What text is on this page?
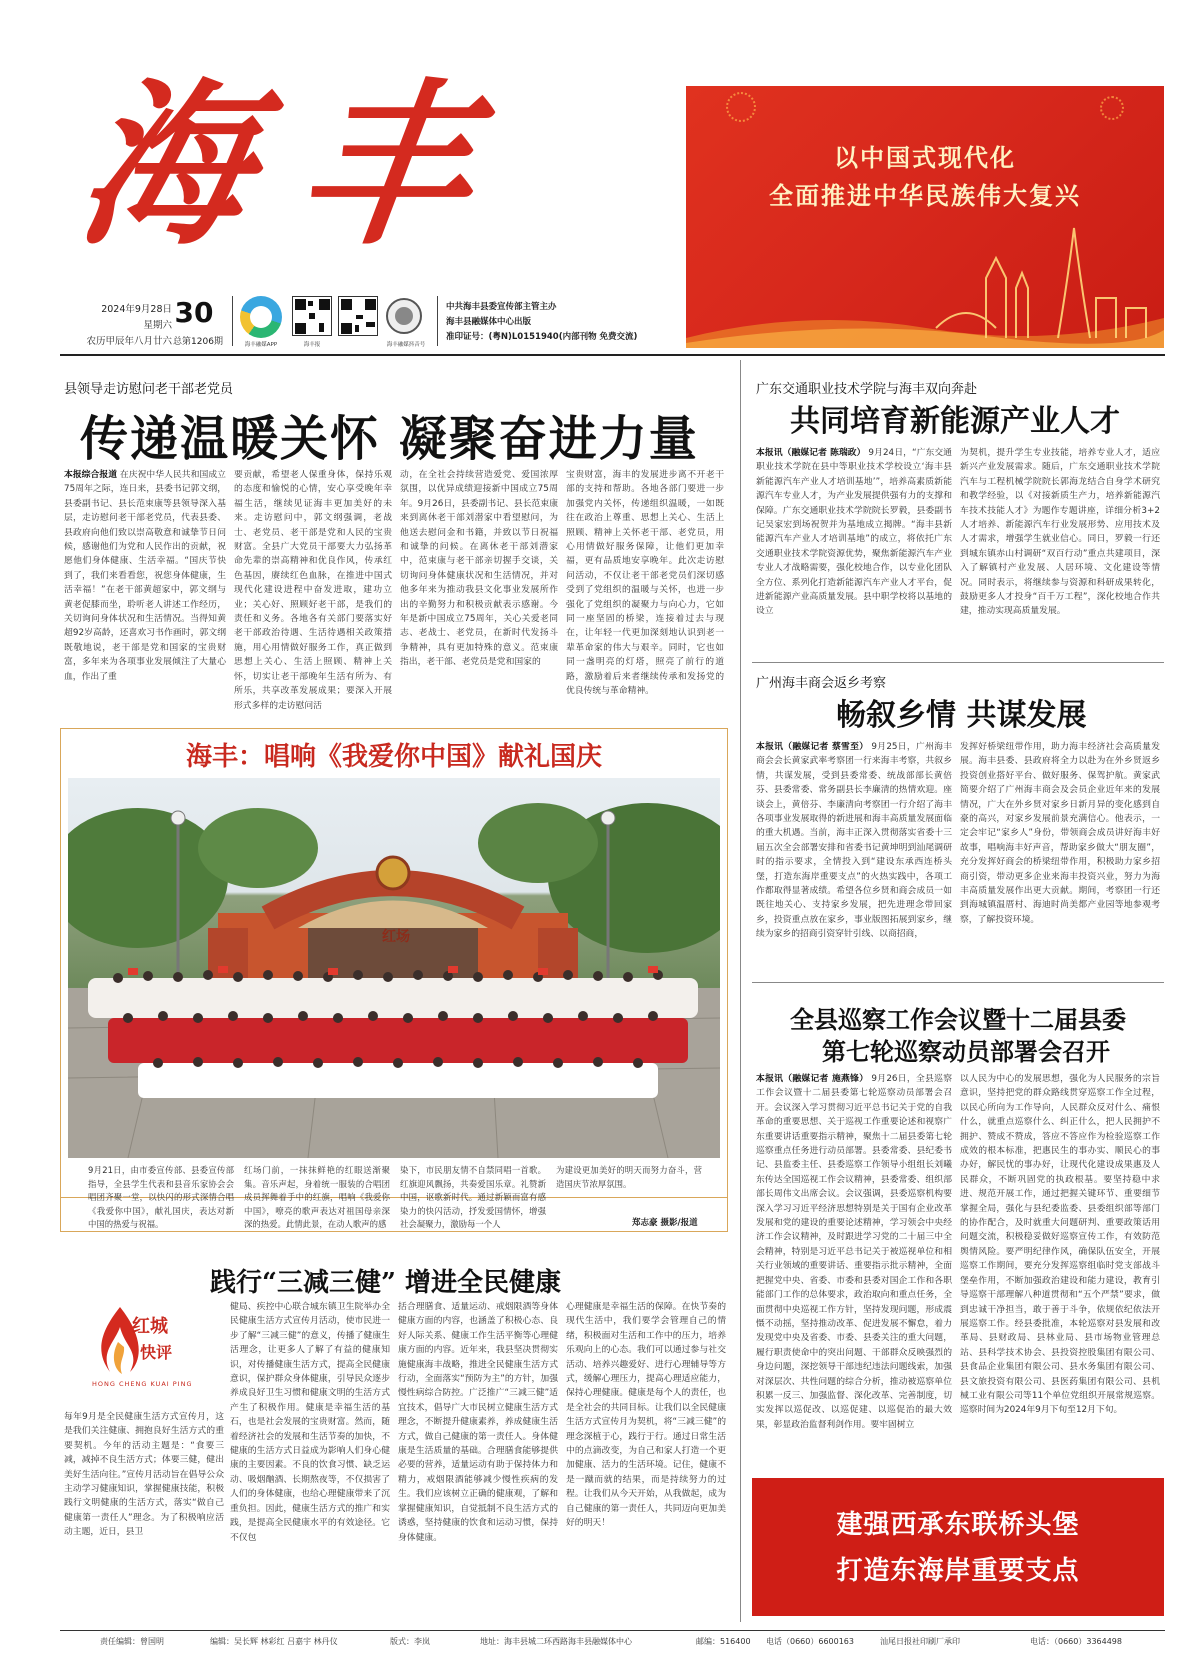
海丰
2024年9月28日
星期六
农历甲辰年八月廿六
30
总第1206期	海丰融媒APP	海丰报	海丰融媒抖音号
中共海丰县委宣传部主管主办
海丰县融媒体中心出版
准印证号：(粤N)L0151940(内部刊物 免费交流)
以中国式现代化
全面推进中华民族伟大复兴
县领导走访慰问老干部老党员
传递温暖关怀 凝聚奋进力量
本报综合报道 在庆祝中华人民共和国成立75周年之际，连日来，县委书记郭文纲，县委副书记、县长范束康等县领导深入基层，走访慰问老干部老党员，代表县委、县政府向他们致以崇高敬意和诚挚节日问候，感谢他们为党和人民作出的贡献，祝愿他们身体健康、生活幸福。“国庆节快到了，我们来看看您，祝您身体健康，生活幸福！”在老干部黄超家中，郭文纲与黄老促膝而坐，聆听老人讲述工作经历，关切询问身体状况和生活情况。当得知黄超92岁高龄，还喜欢习书作画时，郭文纲既敬地说，老干部是党和国家的宝贵财富，多年来为各项事业发展倾注了大量心血，作出了重
要贡献，希望老人保重身体，保持乐观的态度和愉悦的心情，安心享受晚年幸福生活，继续见证海丰更加美好的未来。走访慰问中，郭文纲强调，老战士、老党员、老干部是党和人民的宝贵财富。全县广大党员干部要大力弘扬革命先辈的崇高精神和优良作风，传承红色基因，赓续红色血脉，在推进中国式现代化建设进程中奋发进取，建功立业；关心好、照顾好老干部，是我们的责任和义务。各地各有关部门要落实好老干部政治待遇、生活待遇相关政策措施，用心用情做好服务工作，真正做到思想上关心、生活上照顾、精神上关怀，切实让老干部晚年生活有所为、有所乐，共享改革发展成果；要深入开展形式多样的走访慰问活
动，在全社会持续营造爱党、爱国浓厚氛围，以优异成绩迎接新中国成立75周年。9月26日，县委副书记、县长范束康来到离休老干部刘潜家中看望慰问，为他送去慰问金和书籍，并致以节日祝福和诚挚的问候。在离休老干部刘潜家中，范束康与老干部亲切握手交谈，关切询问身体健康状况和生活情况，并对他多年来为推动我县文化事业发展所作出的辛勤努力和积极贡献表示感谢。今年是新中国成立75周年，关心关爱老同志、老战士、老党员，在新时代发扬斗争精神，具有更加特殊的意义。范束康指出，老干部、老党员是党和国家的
宝贵财富，海丰的发展进步离不开老干部的支持和帮助。各地各部门要进一步加强党内关怀，传递组织温暖，一如既往在政治上尊重、思想上关心、生活上照顾、精神上关怀老干部、老党员，用心用情做好服务保障，让他们更加幸福，更有品质地安享晚年。此次走访慰问活动，不仅让老干部老党员们深切感受到了党组织的温暖与关怀，也进一步强化了党组织的凝聚力与向心力，它如同一座坚固的桥梁，连接着过去与现在，让年轻一代更加深刻地认识到老一辈革命家的伟大与艰辛。同时，它也如同一盏明亮的灯塔，照亮了前行的道路，激励着后来者继续传承和发扬党的优良传统与革命精神。
海丰：唱响《我爱你中国》献礼国庆
红场
9月21日，由市委宣传部、县委宣传部指导，全县学生代表和县音乐家协会会唱团齐聚一堂，以快闪的形式深情合唱《我爱你中国》，献礼国庆，表达对新中国的热爱与祝福。
红场门前，一抹抹鲜艳的红眼送渐聚集。音乐声起，身着统一服装的合唱团成员挥舞着手中的红旗，唱响《我爱你中国》，嘹亮的歌声表达对祖国母亲深深的热爱。此情此景，在动人歌声的感
染下，市民朋友情不自禁同唱一首歌。红旗迎风飘扬，共奏爱国乐章。礼赞新中国，讴歌新时代。通过新颖而富有感染力的快闪活动，抒发爱国情怀，增强社会凝聚力，激励每一个人
为建设更加美好的明天而努力奋斗，营造国庆节浓厚氛围。
郑志豪 摄影/报道
践行“三减三健” 增进全民健康
红城
快评
HONG CHENG KUAI PING
每年9月是全民健康生活方式宣传月，这是我们关注健康、拥抱良好生活方式的重要契机。今年的活动主题是：“食要三减，减掉不良生活方式；体要三健，健出美好生活向往。”宣传月活动旨在倡导公众主动学习健康知识，掌握健康技能，积极践行文明健康的生活方式，落实“做自己健康第一责任人”理念。为了积极响应活动主题，近日，县卫
健局、疾控中心联合城东镇卫生院举办全民健康生活方式宣传月活动，使市民进一步了解“三减三健”的意义，传播了健康生活理念，让更多人了解了有益的健康知识，对传播健康生活方式，提高全民健康意识，保护群众身体健康，引导民众逐步养成良好卫生习惯和健康文明的生活方式产生了积极作用。健康是幸福生活的基石，也是社会发展的宝贵财富。然而，随着经济社会的发展和生活节奏的加快，不健康的生活方式日益成为影响人们身心健康的主要因素。不良的饮食习惯、缺乏运动、吸烟酗酒、长期熬夜等，不仅损害了人们的身体健康，也给心理健康带来了沉重负担。因此，健康生活方式的推广和实践，是提高全民健康水平的有效途径。它不仅包
括合理膳食、适量运动、戒烟限酒等身体健康方面的内容，也涵盖了积极心态、良好人际关系、健康工作生活平衡等心理健康方面的内容。近年来，我县坚决贯彻实施健康海丰战略，推进全民健康生活方式行动，全面落实“预防为主”的方针，加强慢性病综合防控。广泛推广“三减三健”适宜技术，倡导广大市民树立健康生活方式理念，不断提升健康素养，养成健康生活方式，做自己健康的第一责任人。身体健康是生活质量的基础。合理膳食能够提供必要的营养，适量运动有助于保持体力和精力，戒烟限酒能够减少慢性疾病的发生。我们应该树立正确的健康观，了解和掌握健康知识，自觉抵制不良生活方式的诱惑，坚持健康的饮食和运动习惯，保持身体健康。
心理健康是幸福生活的保障。在快节奏的现代生活中，我们要学会管理自己的情绪，积极面对生活和工作中的压力，培养乐观向上的心态。我们可以通过参与社交活动、培养兴趣爱好、进行心理辅导等方式，缓解心理压力，提高心理适应能力，保持心理健康。健康是每个人的责任，也是全社会的共同目标。让我们以全民健康生活方式宣传月为契机，将“三减三健”的理念深植于心，践行于行。通过日常生活中的点滴改变，为自己和家人打造一个更加健康、活力的生活环境。记住，健康不是一蹴而就的结果，而是持续努力的过程。让我们从今天开始，从我做起，成为自己健康的第一责任人，共同迈向更加美好的明天！
广东交通职业技术学院与海丰双向奔赴
共同培育新能源产业人才
本报讯（融媒记者 陈瑞政） 9月24日，“广东交通职业技术学院在县中等职业技术学校设立‘海丰县新能源汽车产业人才培训基地’”，培养高素质新能源汽车专业人才，为产业发展提供强有力的支撑和保障。广东交通职业技术学院院长罗毅，县委副书记吴家宏到场祝贺并为基地成立揭牌。“海丰县新能源汽车产业人才培训基地”的成立，将依托广东交通职业技术学院资源优势，聚焦新能源汽车产业专业人才战略需要，强化校地合作，以专业化团队全方位、系列化打造新能源汽车产业人才平台，促进新能源产业高质量发展。县中职学校将以基地的设立
为契机，提升学生专业技能，培养专业人才，适应新兴产业发展需求。随后，广东交通职业技术学院汽车与工程机械学院院长郭海龙结合自身学术研究和教学经验，以《对接新质生产力，培养新能源汽车技术技能人才》为题作专题讲座，详细分析3+2人才培养、新能源汽车行业发展形势、应用技术及人才需求，增强学生就业信心。同日，罗毅一行还到城东镇赤山村调研“双百行动”重点共建项目，深入了解镇村产业发展、人居环境、文化建设等情况。同时表示，将继续参与资源和科研成果转化，鼓励更多人才投身“百千万工程”，深化校地合作共建，推动实现高质量发展。
广州海丰商会返乡考察
畅叙乡情 共谋发展
本报讯（融媒记者 蔡雪至） 9月25日，广州海丰商会会长黄家武率考察团一行来海丰考察，共叙乡情，共谋发展，受到县委常委、统战部部长黄倍芬、县委常委、常务副县长李廉清的热情欢迎。座谈会上，黄倍芬、李廉清向考察团一行介绍了海丰各项事业发展取得的新进展和海丰高质量发展面临的重大机遇。当前，海丰正深入贯彻落实省委十三届五次全会部署安排和省委书记黄坤明到汕尾调研时的指示要求，全情投入到“建设东承西连桥头堡，打造东海岸重要支点”的火热实践中，各项工作都取得显著成绩。希望各位乡贤和商会成员一如既往地关心、支持家乡发展，把先进理念带回家乡，投资重点放在家乡，事业版图拓展到家乡，继续为家乡的招商引资穿针引线、以商招商，
发挥好桥梁纽带作用，助力海丰经济社会高质量发展。海丰县委、县政府将全力以赴为在外乡贤返乡投资创业搭好平台、做好服务、保驾护航。黄家武简要介绍了广州海丰商会及会员企业近年来的发展情况，广大在外乡贤对家乡日新月异的变化感到自豪的高兴，对家乡发展前景充满信心。他表示，一定会牢记“家乡人”身份，带领商会成员讲好海丰好故事，唱响海丰好声音，帮助家乡做大“朋友圈”，充分发挥好商会的桥梁纽带作用，积极助力家乡招商引资，带动更多企业来海丰投资兴业，努力为海丰高质量发展作出更大贡献。期间，考察团一行还到海城镇温厝村、海迪时尚美都产业园等地参观考察，了解投资环境。
全县巡察工作会议暨十二届县委
第七轮巡察动员部署会召开
本报讯（融媒记者 施燕锋） 9月26日，全县巡察工作会议暨十二届县委第七轮巡察动员部署会召开。会议深入学习贯彻习近平总书记关于党的自我革命的重要思想、关于巡视工作重要论述和视察广东重要讲话重要指示精神，聚焦十二届县委第七轮巡察重点任务进行动员部署。县委常委、县纪委书记、县监委主任、县委巡察工作领导小组组长刘曦东传达全国巡视工作会议精神，县委常委、组织部部长周伟文出席会议。会议强调，县委巡察机构要深入学习习近平经济思想特别是关于国有企业改革发展和党的建设的重要论述精神，学习领会中央经济工作会议精神，及时跟进学习党的二十届三中全会精神，特别是习近平总书记关于被巡视单位和相关行业领域的重要讲话、重要指示批示精神，全面把握党中央、省委、市委和县委对国企工作和各职能部门工作的总体要求，政治取向和重点任务，全面贯彻中央巡视工作方针，坚持发现问题，形成震慑不动摇，坚持推动改革、促进发展不懈怠，着力发现党中央及省委、市委、县委关注的重大问题，履行职责使命中的突出问题、干部群众反映强烈的身边问题，深挖领导干部违纪违法问题线索，加强对深层次、共性问题的综合分析，推动被巡察单位积累一反三、加强监督、深化改革、完善制度，切实发挥以巡促改、以巡促建、以巡促治的最大效果，彰显政治监督利剑作用。要牢固树立
以人民为中心的发展思想，强化为人民服务的宗旨意识，坚持把党的群众路线贯穿巡察工作全过程，以民心所向为工作导向，人民群众反对什么、痛恨什么，就重点巡察什么、纠正什么，把人民拥护不拥护、赞成不赞成，答应不答应作为检验巡察工作成效的根本标准，把惠民生的事办实、顺民心的事办好，解民忧的事办好，让现代化建设成果惠及人民群众，不断巩固党的执政根基。要坚持稳中求进、规范开展工作，通过把握关键环节、重要细节掌握全局，强化与县纪委监委、县委组织部等部门的协作配合，及时就重大问题研判、重要政策话用问题交流，积极稳妥做好巡察宣传工作，有效防范舆情风险。要严明纪律作风，确保队伍安全，开展巡察工作期间，要充分发挥巡察组临时党支部战斗堡垒作用，不断加强政治建设和能力建设，教育引导巡察干部理解八种道贯彻和“五个严禁”要求，做到忠诚干净担当，敢于善于斗争，依规依纪依法开展巡察工作。经县委批准，本轮巡察对县发展和改革局、县财政局、县林业局、县市场物业管理总站、县科学技术协会、县投资控股集团有限公司、县食品企业集团有限公司、县水务集团有限公司、县文旅投资有限公司、县医药集团有限公司、县机械工业有限公司等11个单位党组织开展常规巡察。巡察时间为2024年9月下旬至12月下旬。
建强西承东联桥头堡
打造东海岸重要支点
责任编辑：曾国明	编辑：吴长辉 林彩红 吕嘉宇 林丹仪	版式：李岚	地址：海丰县城二环西路海丰县融媒体中心	邮编：516400 电话（0660）6600163	汕尾日报社印刷厂承印	电话：（0660）3364498
